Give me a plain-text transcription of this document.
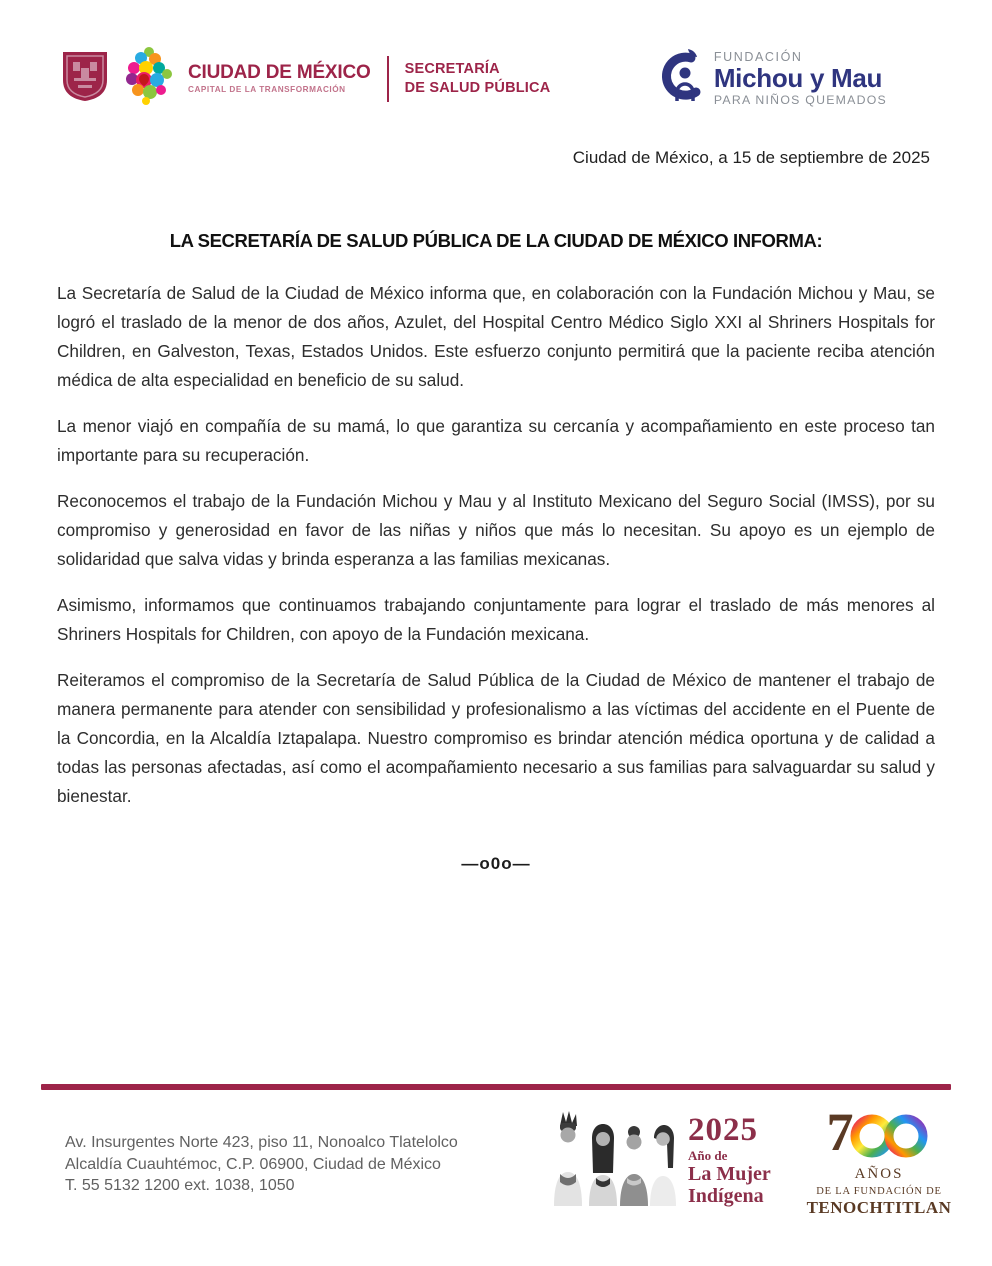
CIUDAD DE MÉXICO
CAPITAL DE LA TRANSFORMACIÓN
SECRETARÍA
DE SALUD PÚBLICA
FUNDACIÓN
Michou y Mau
PARA NIÑOS QUEMADOS
Ciudad de México, a 15 de septiembre de 2025
LA SECRETARÍA DE SALUD PÚBLICA DE LA CIUDAD DE MÉXICO INFORMA:

La Secretaría de Salud de la Ciudad de México informa que, en colaboración con la Fundación Michou y Mau, se logró el traslado de la menor de dos años, Azulet, del Hospital Centro Médico Siglo XXI al Shriners Hospitals for Children, en Galveston, Texas, Estados Unidos. Este esfuerzo conjunto permitirá que la paciente reciba atención médica de alta especialidad en beneficio de su salud.

La menor viajó en compañía de su mamá, lo que garantiza su cercanía y acompañamiento en este proceso tan importante para su recuperación.

Reconocemos el trabajo de la Fundación Michou y Mau y al Instituto Mexicano del Seguro Social (IMSS), por su compromiso y generosidad en favor de las niñas y niños que más lo necesitan. Su apoyo es un ejemplo de solidaridad que salva vidas y brinda esperanza a las familias mexicanas.

Asimismo, informamos que continuamos trabajando conjuntamente para lograr el traslado de más menores al Shriners Hospitals for Children, con apoyo de la Fundación mexicana.

Reiteramos el compromiso de la Secretaría de Salud Pública de la Ciudad de México de mantener el trabajo de manera permanente para atender con sensibilidad y profesionalismo a las víctimas del accidente en el Puente de la Concordia, en la Alcaldía Iztapalapa. Nuestro compromiso es brindar atención médica oportuna y de calidad a todas las personas afectadas, así como el acompañamiento necesario a sus familias para salvaguardar su salud y bienestar.

—o0o—
Av. Insurgentes Norte 423, piso 11, Nonoalco Tlatelolco
Alcaldía Cuauhtémoc, C.P. 06900, Ciudad de México
T. 55 5132 1200 ext. 1038, 1050
2025
Año de
La Mujer
Indígena
7
AÑOS
DE LA FUNDACIÓN DE
TENOCHTITLAN
